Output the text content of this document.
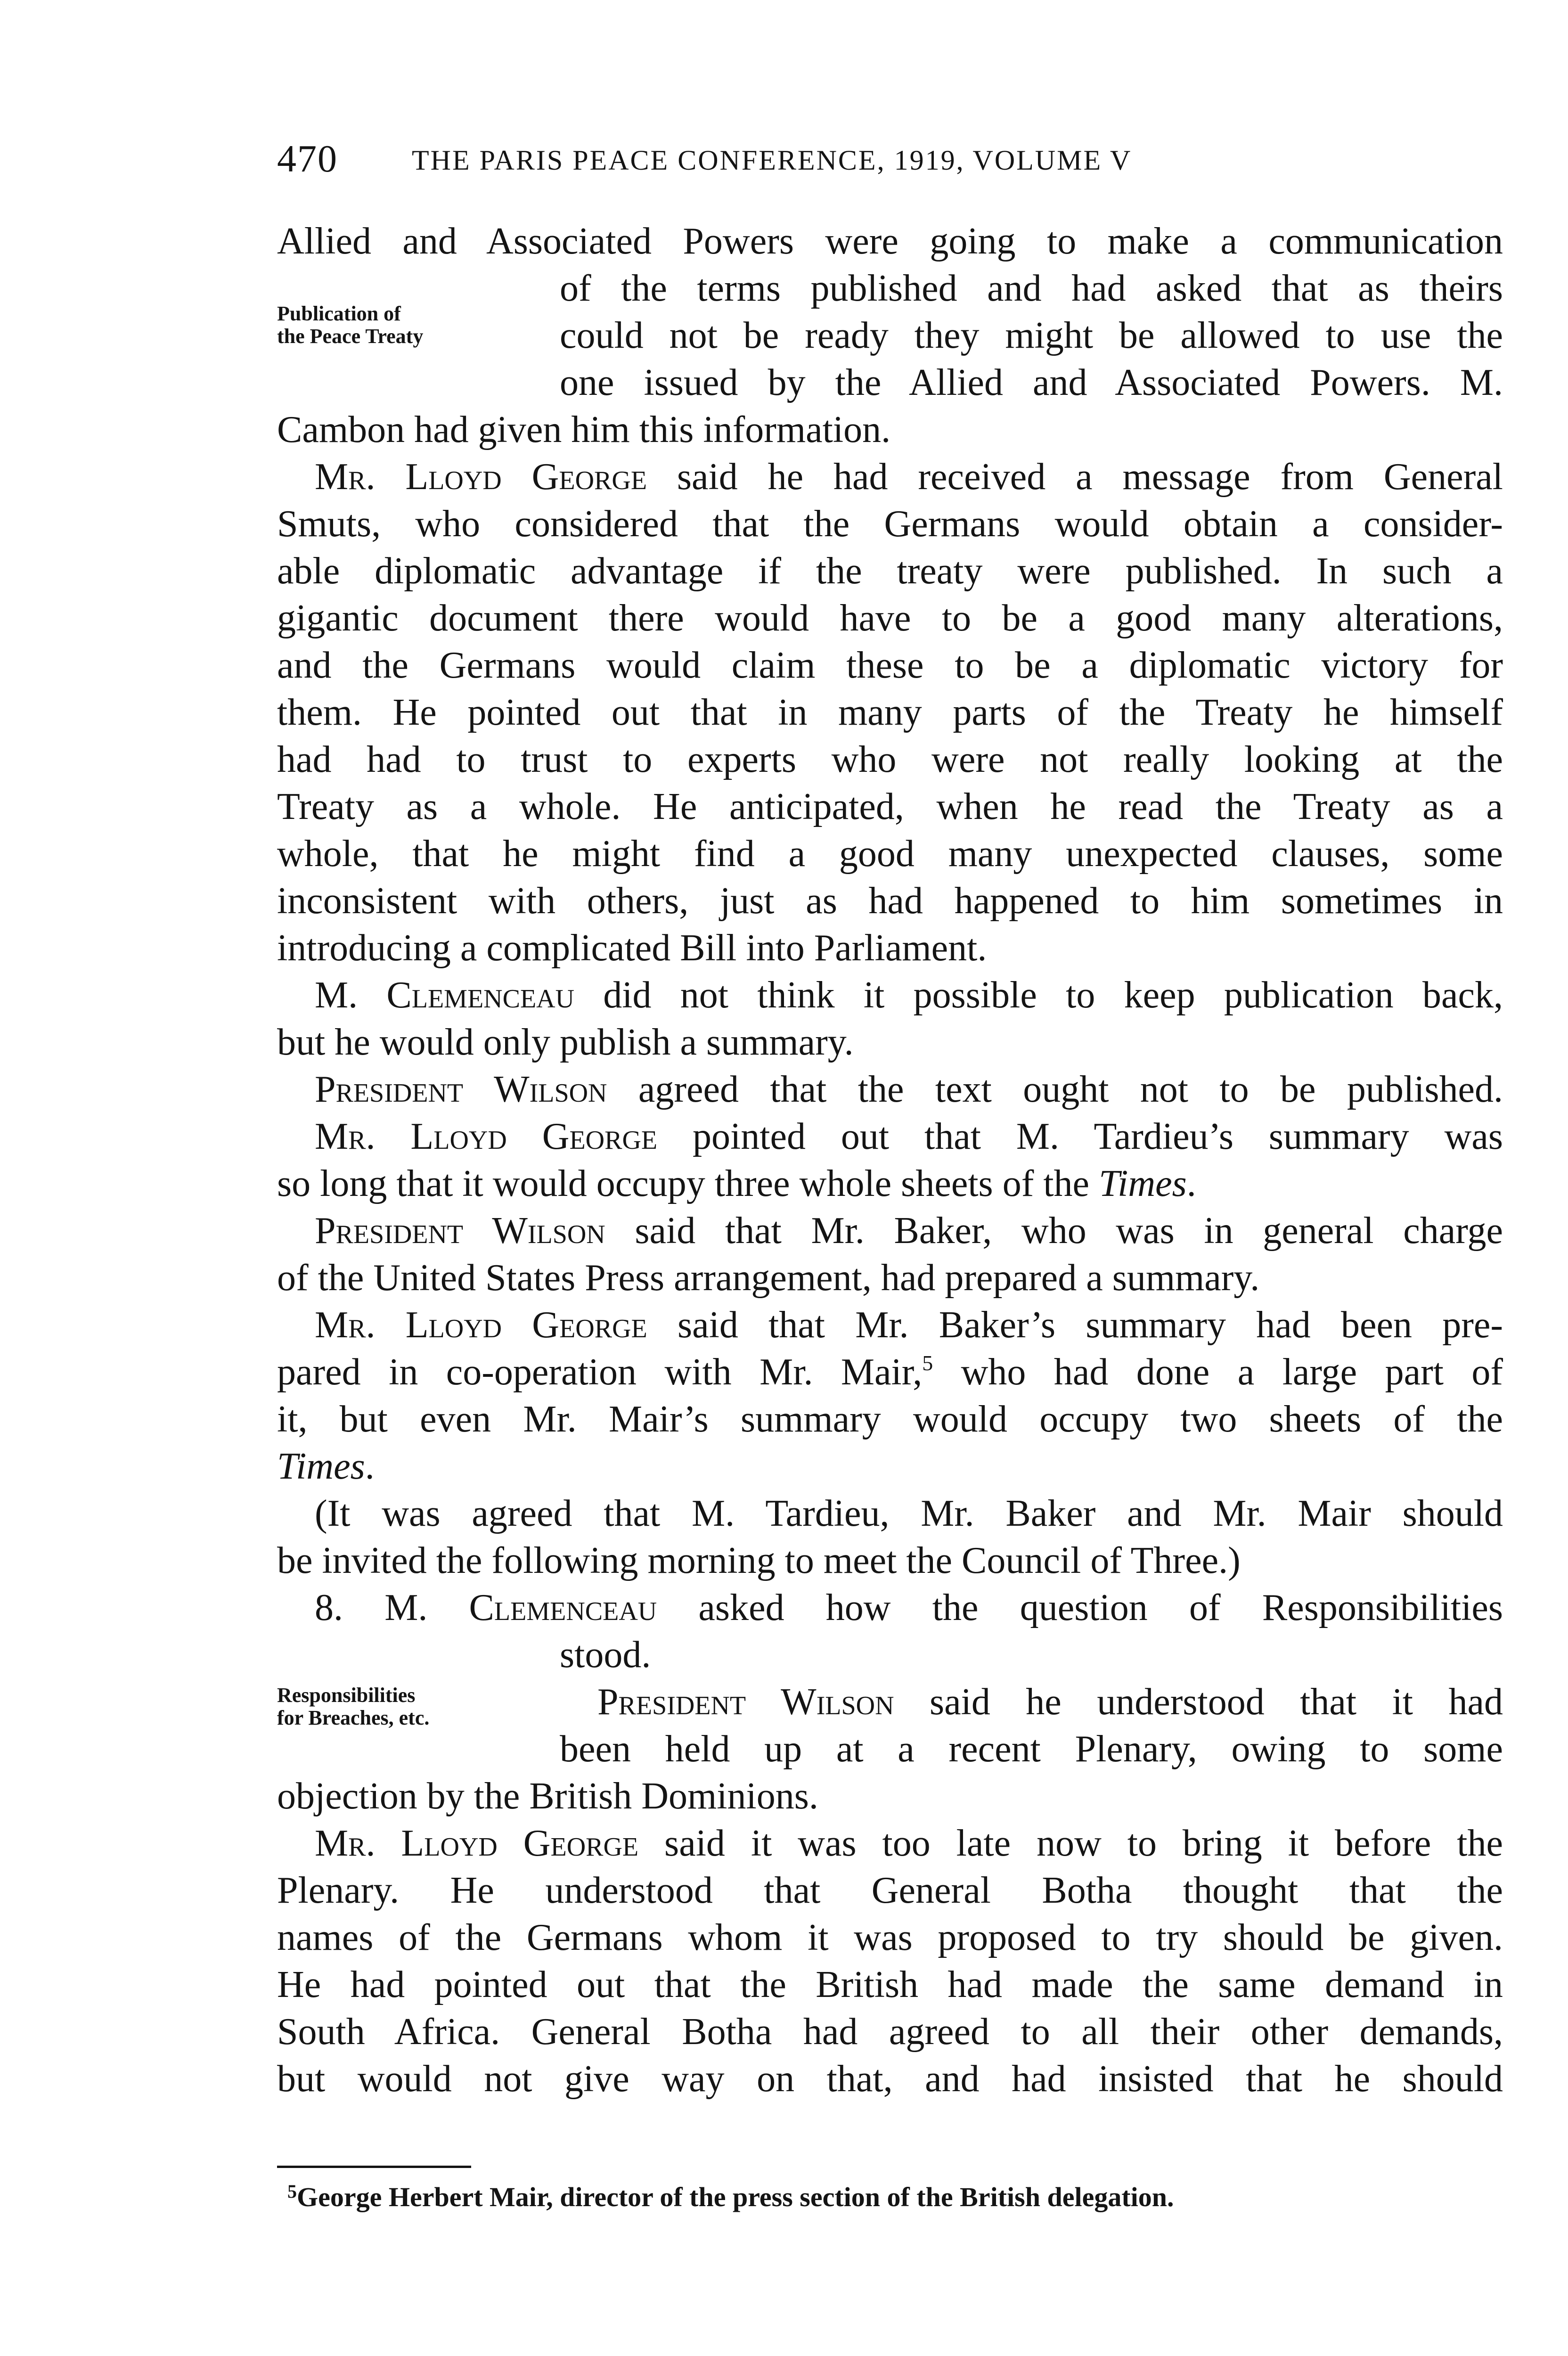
470	THE PARIS PEACE CONFERENCE, 1919, VOLUME V
Publication of
the Peace Treaty
Responsibilities
for Breaches, etc.
Allied and Associated Powers were going to make a communication
of the terms published and had asked that as theirs
could not be ready they might be allowed to use the
one issued by the Allied and Associated Powers. M.
Cambon had given him this information.
Mr. Lloyd George said he had received a message from General
Smuts, who considered that the Germans would obtain a consider-
able diplomatic advantage if the treaty were published. In such a
gigantic document there would have to be a good many alterations,
and the Germans would claim these to be a diplomatic victory for
them. He pointed out that in many parts of the Treaty he himself
had had to trust to experts who were not really looking at the
Treaty as a whole. He anticipated, when he read the Treaty as a
whole, that he might find a good many unexpected clauses, some
inconsistent with others, just as had happened to him sometimes in
introducing a complicated Bill into Parliament.
M. Clemenceau did not think it possible to keep publication back,
but he would only publish a summary.
President Wilson agreed that the text ought not to be published.
Mr. Lloyd George pointed out that M. Tardieu’s summary was
so long that it would occupy three whole sheets of the Times.
President Wilson said that Mr. Baker, who was in general charge
of the United States Press arrangement, had prepared a summary.
Mr. Lloyd George said that Mr. Baker’s summary had been pre-
pared in co-operation with Mr. Mair,$^5$ who had done a large part of
it, but even Mr. Mair’s summary would occupy two sheets of the
Times.
(It was agreed that M. Tardieu, Mr. Baker and Mr. Mair should
be invited the following morning to meet the Council of Three.)
8. M. Clemenceau asked how the question of Responsibilities
stood.
President Wilson said he understood that it had
been held up at a recent Plenary, owing to some
objection by the British Dominions.
Mr. Lloyd George said it was too late now to bring it before the
Plenary. He understood that General Botha thought that the
names of the Germans whom it was proposed to try should be given.
He had pointed out that the British had made the same demand in
South Africa. General Botha had agreed to all their other demands,
but would not give way on that, and had insisted that he should
$^5$George Herbert Mair, director of the press section of the British delegation.
